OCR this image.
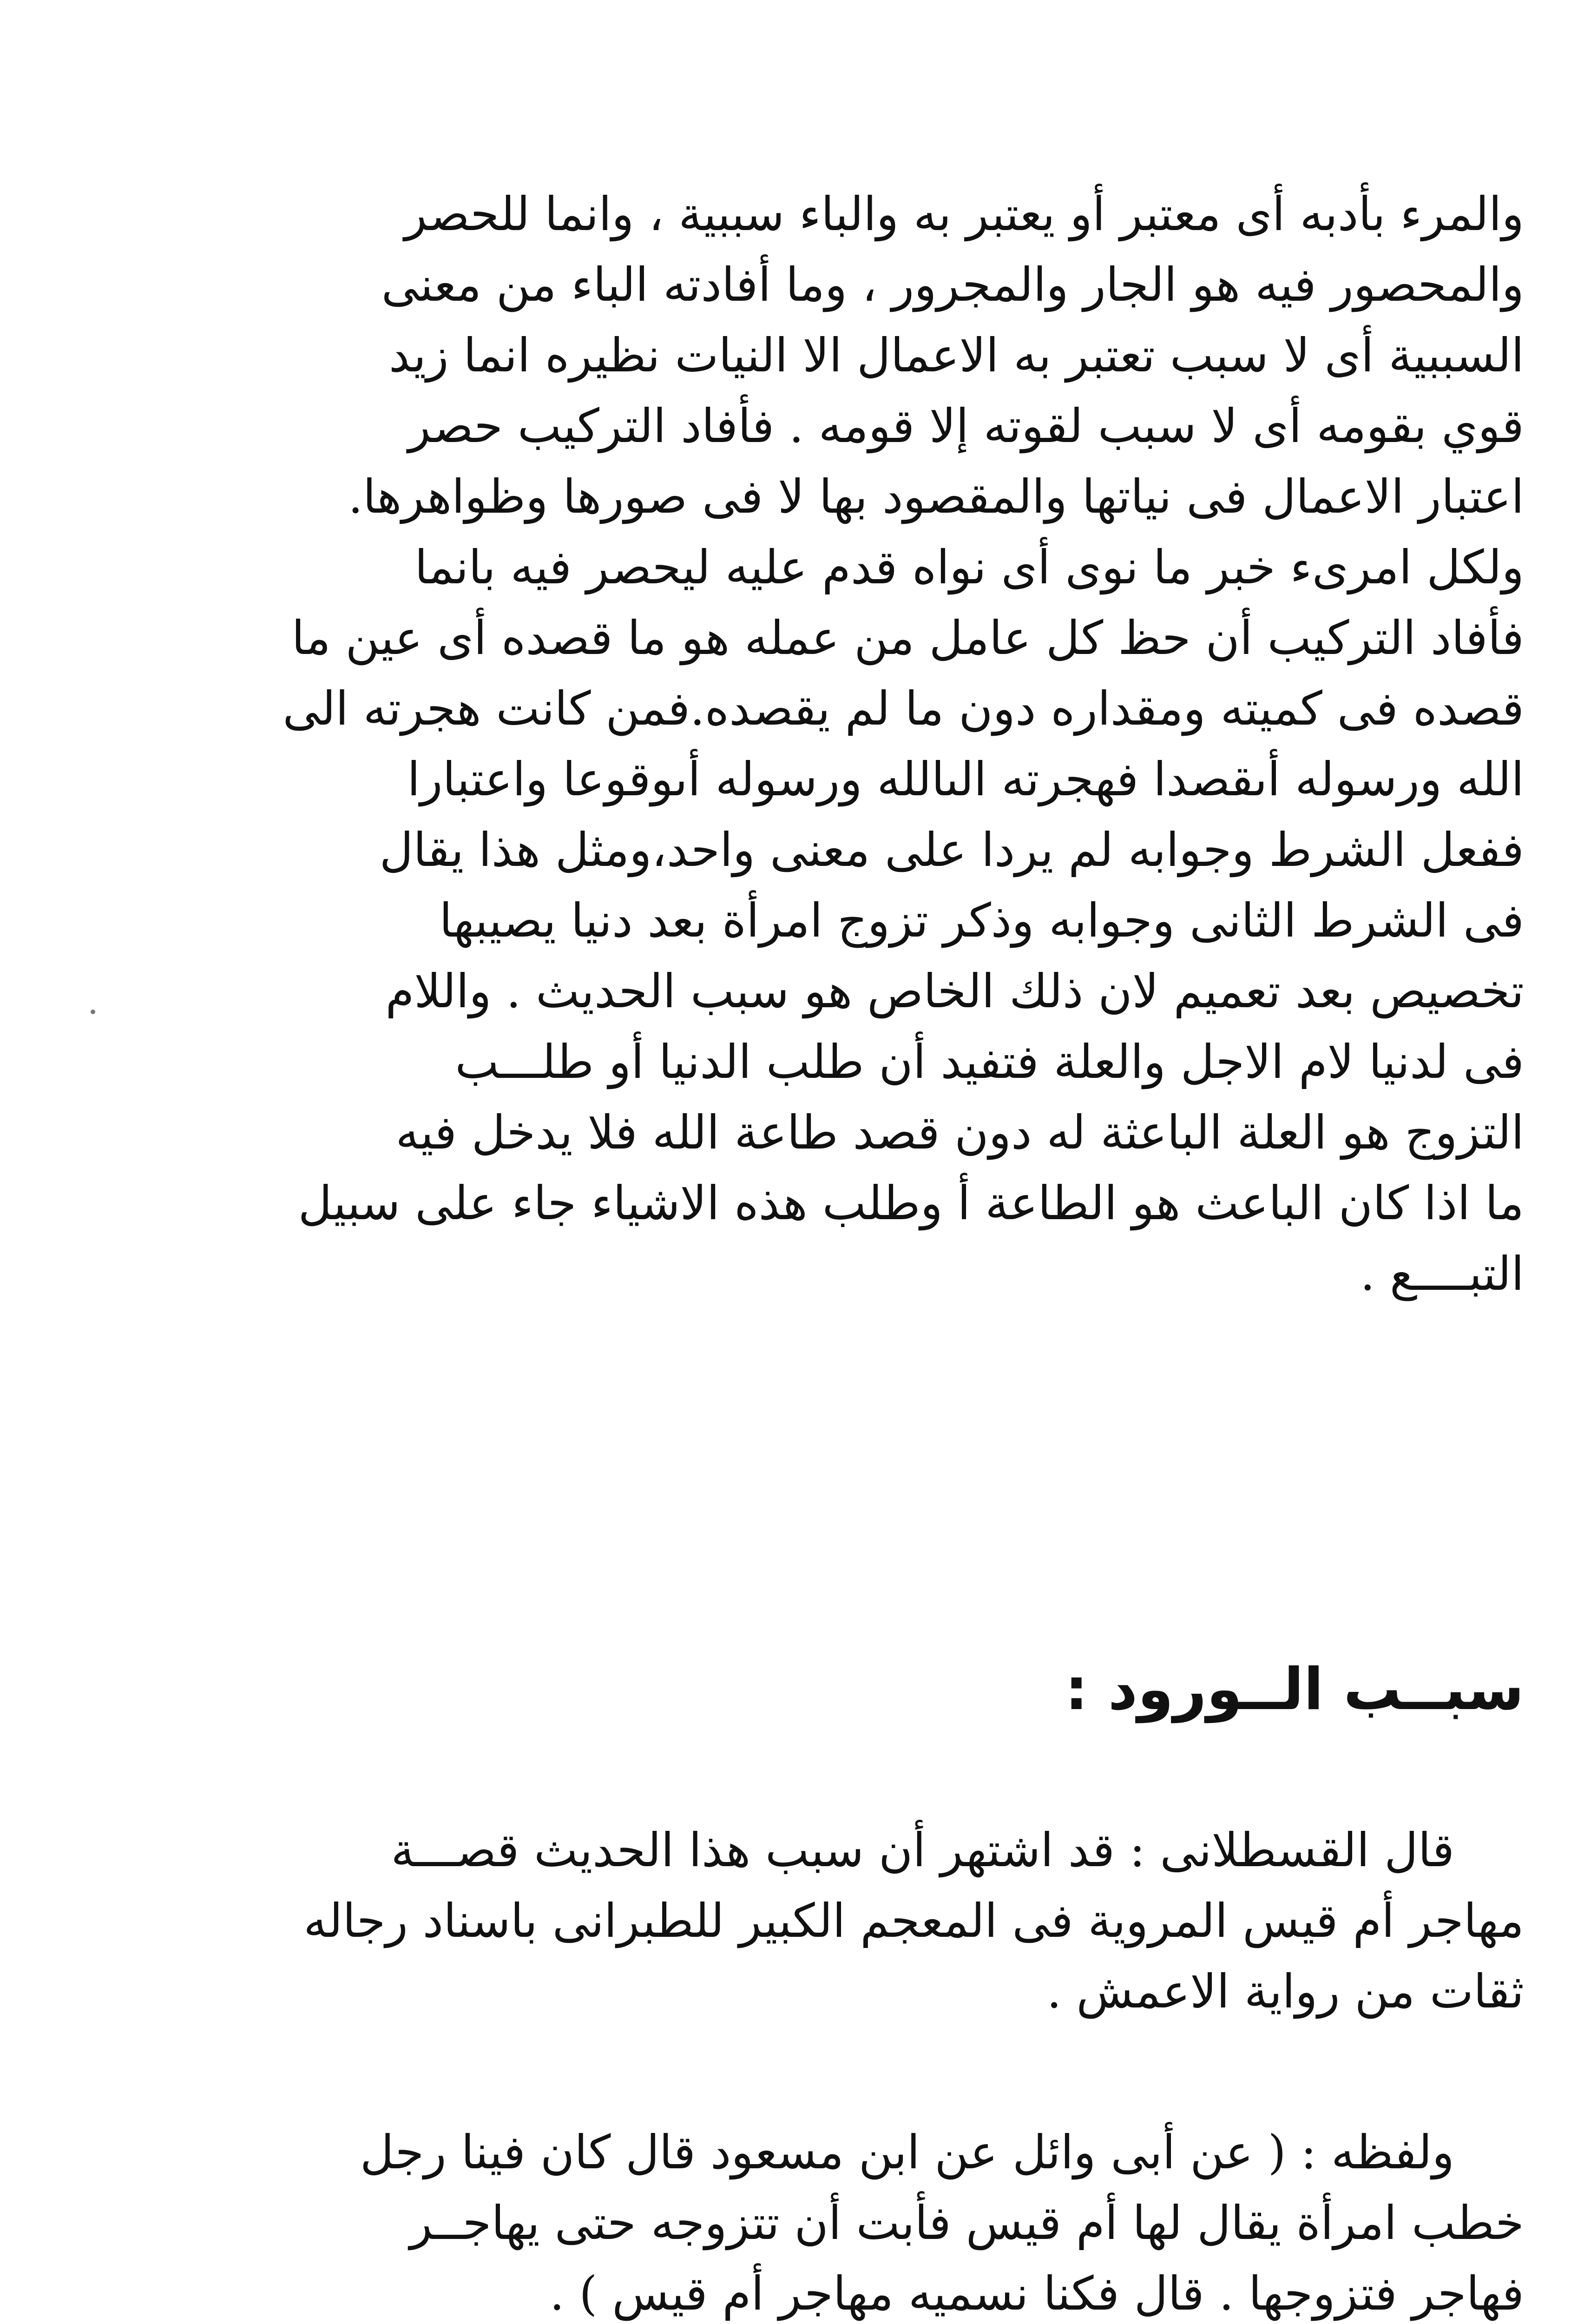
والمرء بأدبه أى معتبر أو يعتبر به والباء سببية ، وانما للحصر
والمحصور فيه هو الجار والمجرور ، وما أفادته الباء من معنى
السببية أى لا سبب تعتبر به الاعمال الا النيات نظيره انما زيد
قوي بقومه أى لا سبب لقوته إلا قومه . فأفاد التركيب حصر
اعتبار الاعمال فى نياتها والمقصود بها لا فى صورها وظواهرها.
ولكل امرىء خبر ما نوى أى نواه قدم عليه ليحصر فيه بانما
فأفاد التركيب أن حظ كل عامل من عمله هو ما قصده أى عين ما
قصده فى كميته ومقداره دون ما لم يقصده.فمن كانت هجرته الى
الله ورسوله أىقصدا فهجرته الىالله ورسوله أىوقوعا واعتبارا
ففعل الشرط وجوابه لم يردا على معنى واحد،ومثل هذا يقال
فى الشرط الثانى وجوابه وذكر تزوج امرأة بعد دنيا يصيبها
تخصيص بعد تعميم لان ذلك الخاص هو سبب الحديث . واللام
فى لدنيا لام الاجل والعلة فتفيد أن طلب الدنيا أو طلـــب
التزوج هو العلة الباعثة له دون قصد طاعة الله فلا يدخل فيه
ما اذا كان الباعث هو الطاعة أ وطلب هذه الاشياء جاء على سبيل
التبــــع .
سبــب الــورود :
قال القسطلانى : قد اشتهر أن سبب هذا الحديث قصـــة
مهاجر أم قيس المروية فى المعجم الكبير للطبرانى باسناد رجاله
ثقات من رواية الاعمش .
ولفظه : ( عن أبى وائل عن ابن مسعود قال كان فينا رجل
خطب امرأة يقال لها أم قيس فأبت أن تتزوجه حتى يهاجــر
فهاجر فتزوجها . قال فكنا نسميه مهاجر أم قيس ) .
